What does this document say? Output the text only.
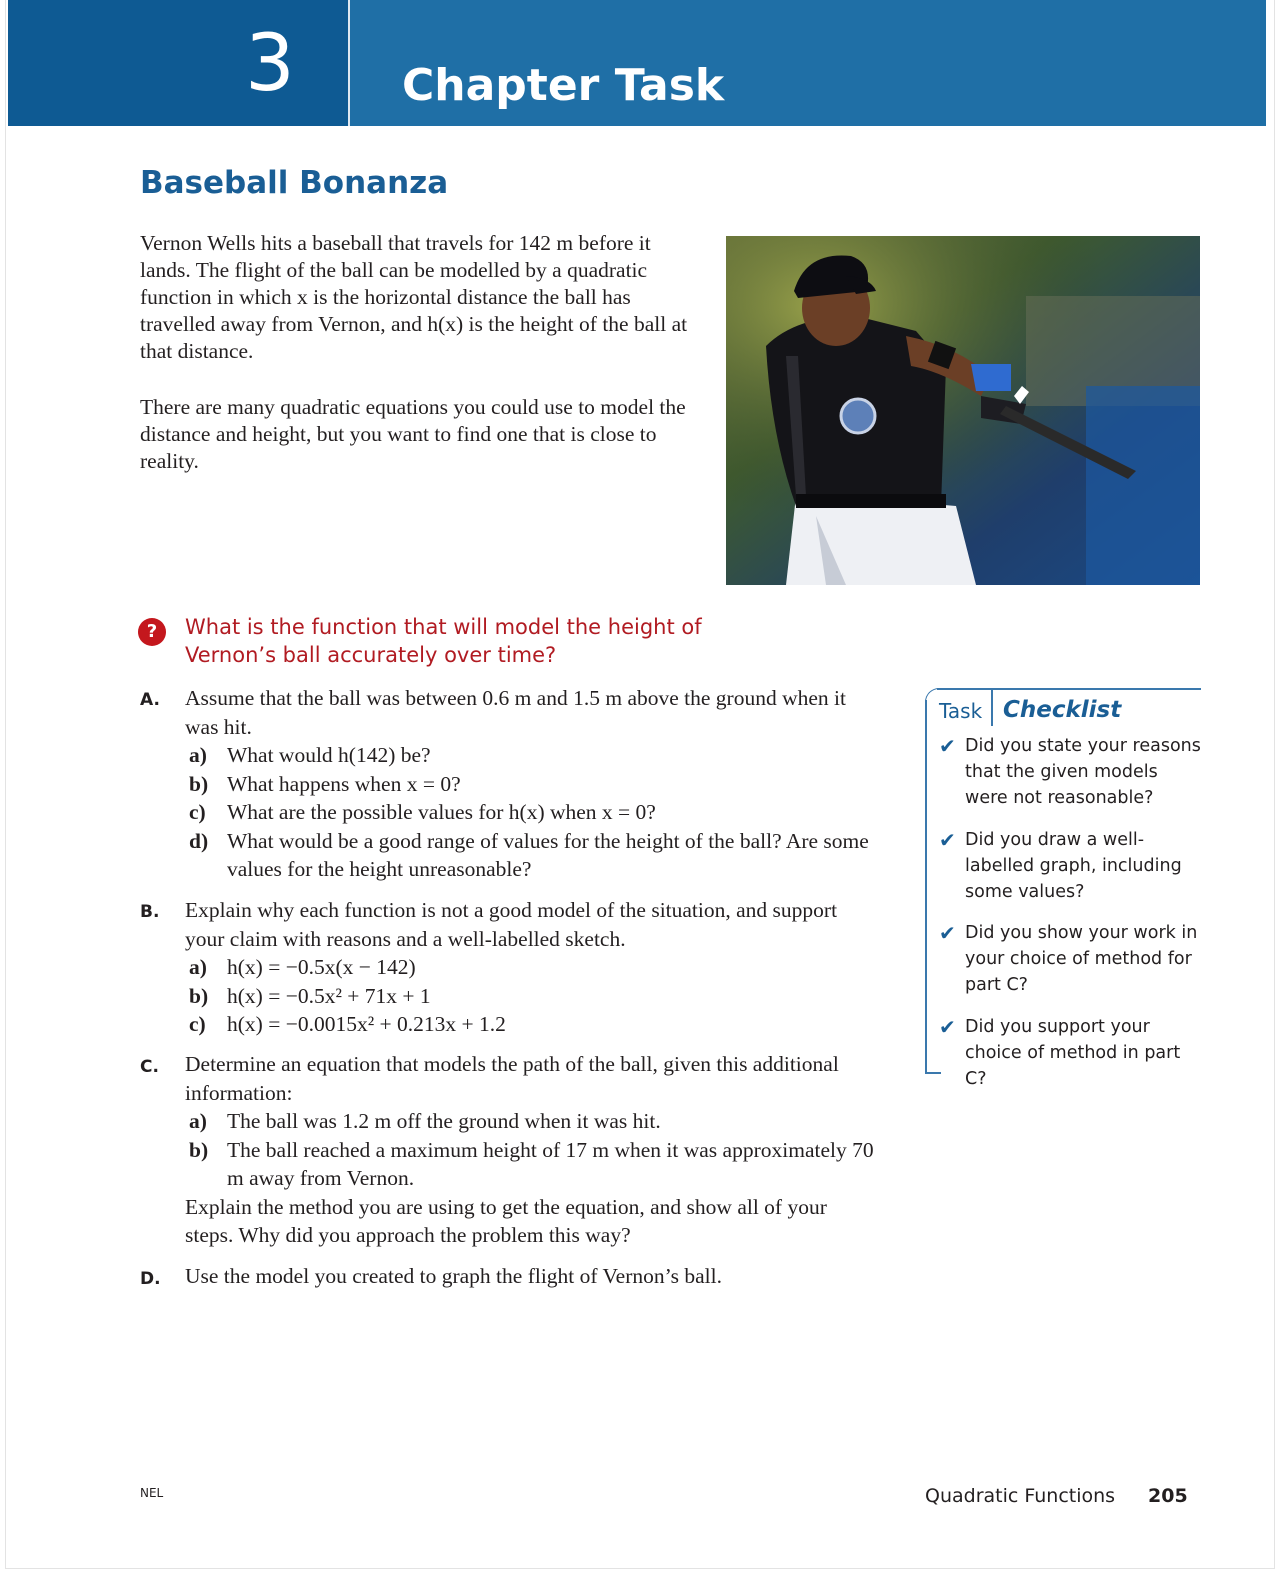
3	Chapter Task
Baseball Bonanza

Vernon Wells hits a baseball that travels for 142 m before it lands. The flight of the ball can be modelled by a quadratic function in which x is the horizontal distance the ball has travelled away from Vernon, and h(x) is the height of the ball at that distance.

There are many quadratic equations you could use to model the distance and height, but you want to find one that is close to reality.

?	What is the function that will model the height of Vernon’s ball accurately over time?

A. Assume that the ball was between 0.6 m and 1.5 m above the ground when it was hit.

a) What would h(142) be?
b) What happens when x = 0?
c) What are the possible values for h(x) when x = 0?
d) What would be a good range of values for the height of the ball? Are some values for the height unreasonable?
B. Explain why each function is not a good model of the situation, and support your claim with reasons and a well-labelled sketch.

a) h(x) = −0.5x(x − 142)
b) h(x) = −0.5x² + 71x + 1
c) h(x) = −0.0015x² + 0.213x + 1.2
C. Determine an equation that models the path of the ball, given this additional information:

a) The ball was 1.2 m off the ground when it was hit.
b) The ball reached a maximum height of 17 m when it was approximately 70 m away from Vernon.

Explain the method you are using to get the equation, and show all of your steps. Why did you approach the problem this way?

D. Use the model you created to graph the flight of Vernon’s ball.

Task Checklist
✔ Did you state your reasons that the given models were not reasonable?
✔ Did you draw a well-labelled graph, including some values?
✔ Did you show your work in your choice of method for part C?
✔ Did you support your choice of method in part C?
NEL	Quadratic Functions 205
